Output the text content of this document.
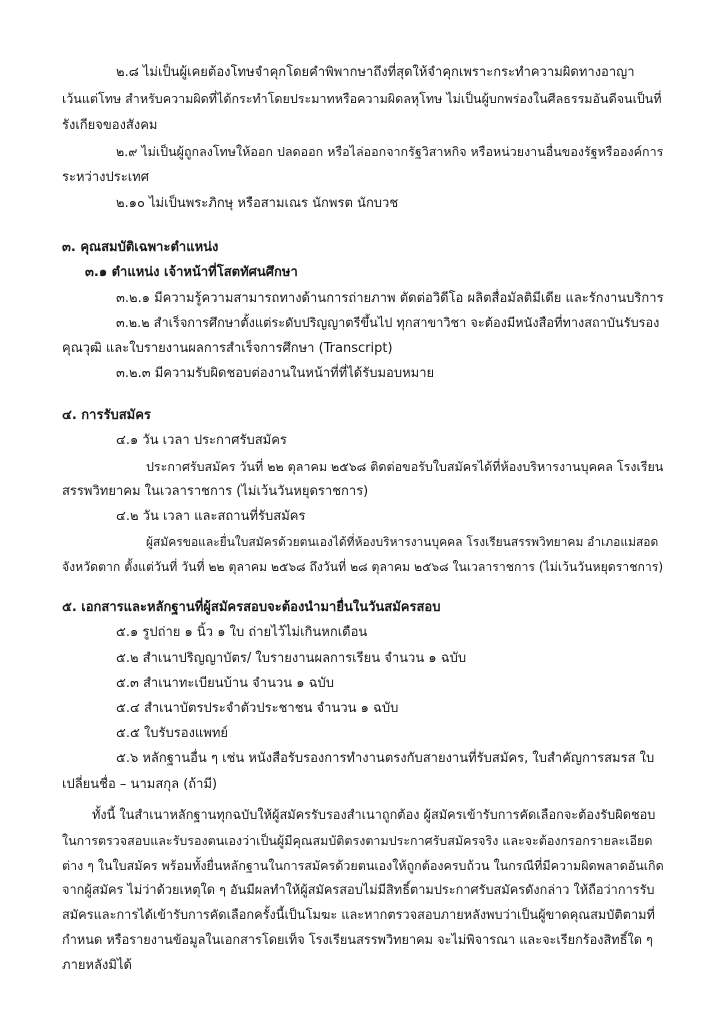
๒.๘ ไม่เป็นผู้เคยต้องโทษจำคุกโดยคำพิพากษาถึงที่สุดให้จำคุกเพราะกระทำความผิดทางอาญา
เว้นแต่โทษ สำหรับความผิดที่ได้กระทำโดยประมาทหรือความผิดลหุโทษ ไม่เป็นผู้บกพร่องในศีลธรรมอันดีจนเป็นที่
รังเกียจของสังคม
๒.๙ ไม่เป็นผู้ถูกลงโทษให้ออก ปลดออก หรือไล่ออกจากรัฐวิสาหกิจ หรือหน่วยงานอื่นของรัฐหรือองค์การ
ระหว่างประเทศ
๒.๑๐ ไม่เป็นพระภิกษุ หรือสามเณร นักพรต นักบวช
๓. คุณสมบัติเฉพาะตำแหน่ง
๓.๑ ตำแหน่ง เจ้าหน้าที่โสตทัศนศึกษา
๓.๒.๑ มีความรู้ความสามารถทางด้านการถ่ายภาพ ตัดต่อวิดีโอ ผลิตสื่อมัลติมีเดีย และรักงานบริการ
๓.๒.๒ สำเร็จการศึกษาตั้งแต่ระดับปริญญาตรีขึ้นไป ทุกสาขาวิชา จะต้องมีหนังสือที่ทางสถาบันรับรอง
คุณวุฒิ และใบรายงานผลการสำเร็จการศึกษา (Transcript)
๓.๒.๓ มีความรับผิดชอบต่องานในหน้าที่ที่ได้รับมอบหมาย
๔. การรับสมัคร
๔.๑ วัน เวลา ประกาศรับสมัคร
ประกาศรับสมัคร วันที่ ๒๒ ตุลาคม ๒๕๖๘ ติดต่อขอรับใบสมัครได้ที่ห้องบริหารงานบุคคล โรงเรียน
สรรพวิทยาคม ในเวลาราชการ (ไม่เว้นวันหยุดราชการ)
๔.๒ วัน เวลา และสถานที่รับสมัคร
ผู้สมัครขอและยื่นใบสมัครด้วยตนเองได้ที่ห้องบริหารงานบุคคล โรงเรียนสรรพวิทยาคม อำเภอแม่สอด
จังหวัดตาก ตั้งแต่วันที่ วันที่ ๒๒ ตุลาคม ๒๕๖๘ ถึงวันที่ ๒๘ ตุลาคม ๒๕๖๘ ในเวลาราชการ (ไม่เว้นวันหยุดราชการ)
๕. เอกสารและหลักฐานที่ผู้สมัครสอบจะต้องนำมายื่นในวันสมัครสอบ
๕.๑ รูปถ่าย ๑ นิ้ว ๑ ใบ ถ่ายไว้ไม่เกินหกเดือน
๕.๒ สำเนาปริญญาบัตร/ ใบรายงานผลการเรียน จำนวน ๑ ฉบับ
๕.๓ สำเนาทะเบียนบ้าน จำนวน ๑ ฉบับ
๕.๔ สำเนาบัตรประจำตัวประชาชน จำนวน ๑ ฉบับ
๕.๕ ใบรับรองแพทย์
๕.๖ หลักฐานอื่น ๆ เช่น หนังสือรับรองการทำงานตรงกับสายงานที่รับสมัคร, ใบสำคัญการสมรส ใบ
เปลี่ยนชื่อ – นามสกุล (ถ้ามี)
ทั้งนี้ ในสำเนาหลักฐานทุกฉบับให้ผู้สมัครรับรองสำเนาถูกต้อง ผู้สมัครเข้ารับการคัดเลือกจะต้องรับผิดชอบ
ในการตรวจสอบและรับรองตนเองว่าเป็นผู้มีคุณสมบัติตรงตามประกาศรับสมัครจริง และจะต้องกรอกรายละเอียด
ต่าง ๆ ในใบสมัคร พร้อมทั้งยื่นหลักฐานในการสมัครด้วยตนเองให้ถูกต้องครบถ้วน ในกรณีที่มีความผิดพลาดอันเกิด
จากผู้สมัคร ไม่ว่าด้วยเหตุใด ๆ อันมีผลทำให้ผู้สมัครสอบไม่มีสิทธิ์ตามประกาศรับสมัครดังกล่าว ให้ถือว่าการรับ
สมัครและการได้เข้ารับการคัดเลือกครั้งนี้เป็นโมฆะ และหากตรวจสอบภายหลังพบว่าเป็นผู้ขาดคุณสมบัติตามที่
กำหนด หรือรายงานข้อมูลในเอกสารโดยเท็จ โรงเรียนสรรพวิทยาคม จะไม่พิจารณา และจะเรียกร้องสิทธิ์ใด ๆ
ภายหลังมิได้
